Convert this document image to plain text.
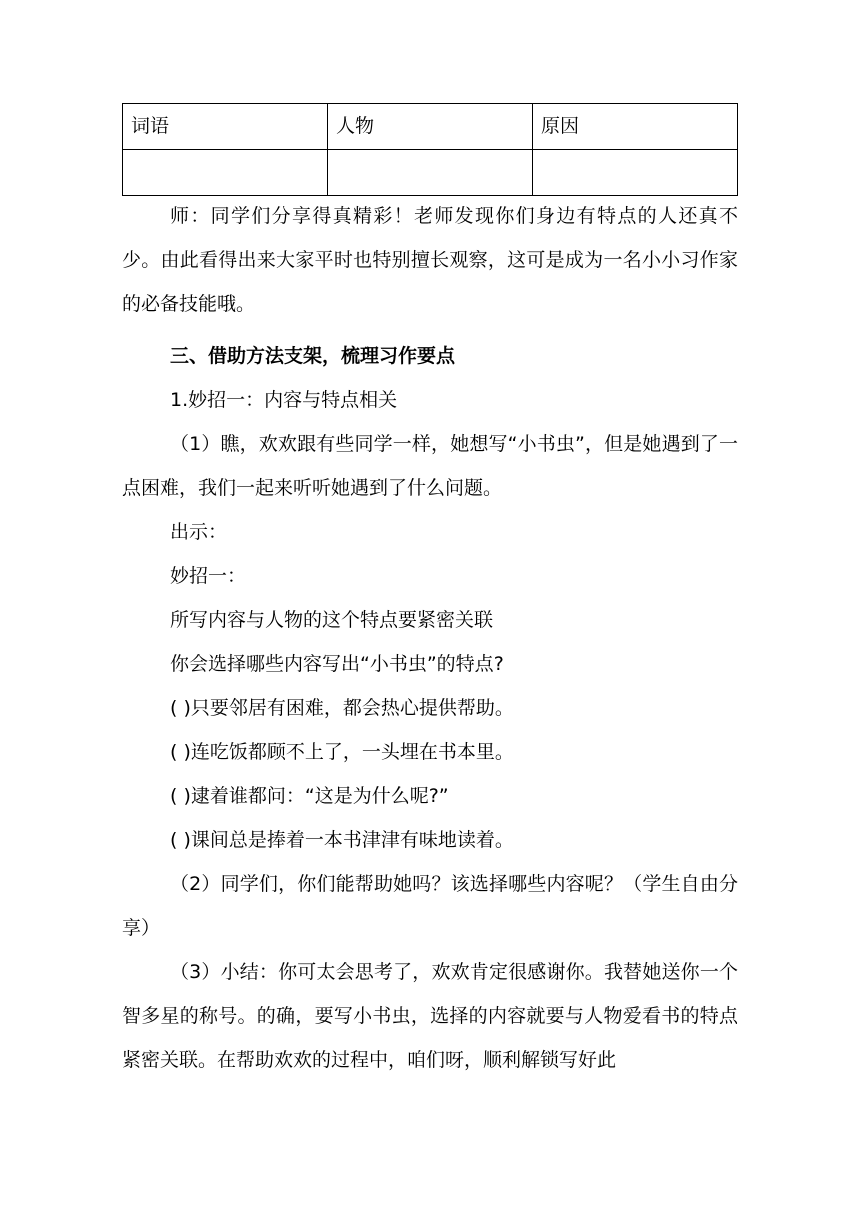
词语	人物	原因

师：同学们分享得真精彩！老师发现你们身边有特点的人还真不少。由此看得出来大家平时也特别擅长观察，这可是成为一名小小习作家的必备技能哦。

三、借助方法支架，梳理习作要点

1.妙招一：内容与特点相关

（1）瞧，欢欢跟有些同学一样，她想写“小书虫”，但是她遇到了一点困难，我们一起来听听她遇到了什么问题。

出示：

妙招一：

所写内容与人物的这个特点要紧密关联

你会选择哪些内容写出“小书虫”的特点?

( )只要邻居有困难，都会热心提供帮助。

( )连吃饭都顾不上了，一头埋在书本里。

( )逮着谁都问：“这是为什么呢?”

( )课间总是捧着一本书津津有味地读着。

（2）同学们，你们能帮助她吗？该选择哪些内容呢？（学生自由分享）

（3）小结：你可太会思考了，欢欢肯定很感谢你。我替她送你一个智多星的称号。的确，要写小书虫，选择的内容就要与人物爱看书的特点紧密关联。在帮助欢欢的过程中，咱们呀，顺利解锁写好此
